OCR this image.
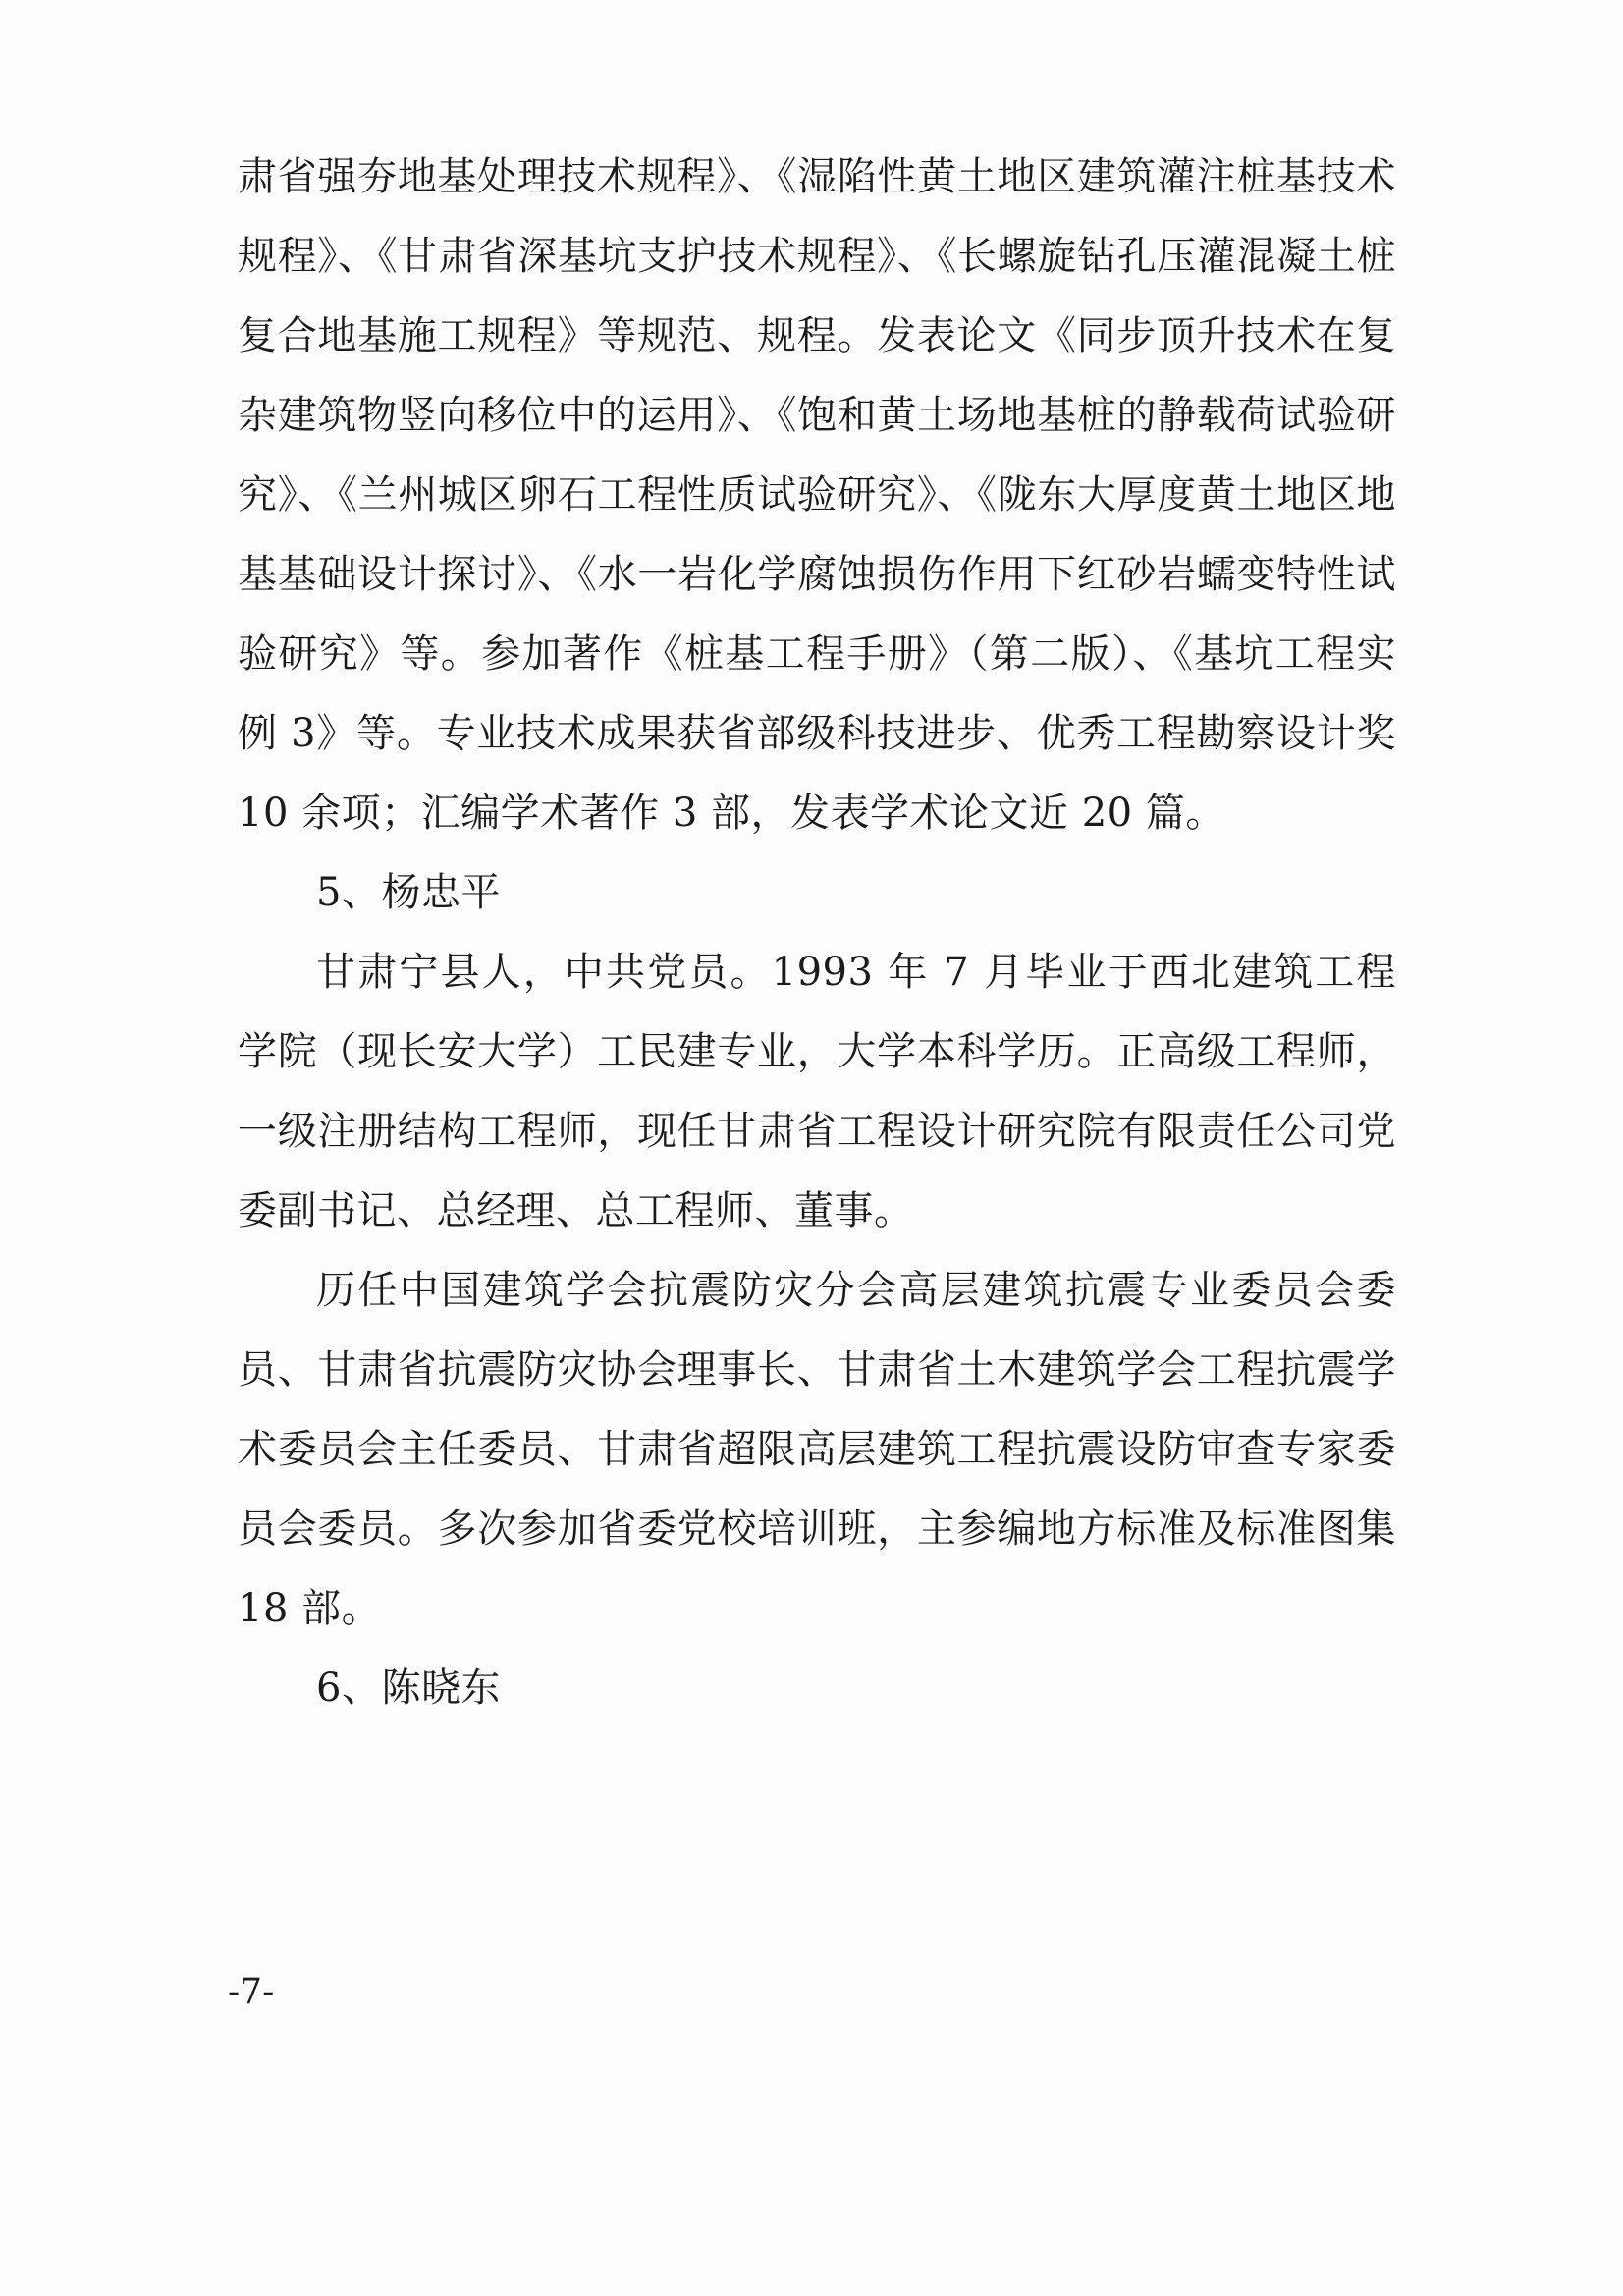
肃省强夯地基处理技术规程》、《湿陷性黄土地区建筑灌注桩基技术规程》、《甘肃省深基坑支护技术规程》、《长螺旋钻孔压灌混凝土桩复合地基施工规程》等规范、规程。发表论文《同步顶升技术在复杂建筑物竖向移位中的运用》、《饱和黄土场地基桩的静载荷试验研究》、《兰州城区卵石工程性质试验研究》、《陇东大厚度黄土地区地基基础设计探讨》、《水一岩化学腐蚀损伤作用下红砂岩蠕变特性试验研究》等。参加著作《桩基工程手册》（第二版）、《基坑工程实例 3》等。专业技术成果获省部级科技进步、优秀工程勘察设计奖 10 余项；汇编学术著作 3 部，发表学术论文近 20 篇。

5、杨忠平

甘肃宁县人，中共党员。1993 年 7 月毕业于西北建筑工程学院（现长安大学）工民建专业，大学本科学历。正高级工程师，一级注册结构工程师，现任甘肃省工程设计研究院有限责任公司党委副书记、总经理、总工程师、董事。

历任中国建筑学会抗震防灾分会高层建筑抗震专业委员会委员、甘肃省抗震防灾协会理事长、甘肃省土木建筑学会工程抗震学术委员会主任委员、甘肃省超限高层建筑工程抗震设防审查专家委员会委员。多次参加省委党校培训班，主参编地方标准及标准图集 18 部。

6、陈晓东

-7-
